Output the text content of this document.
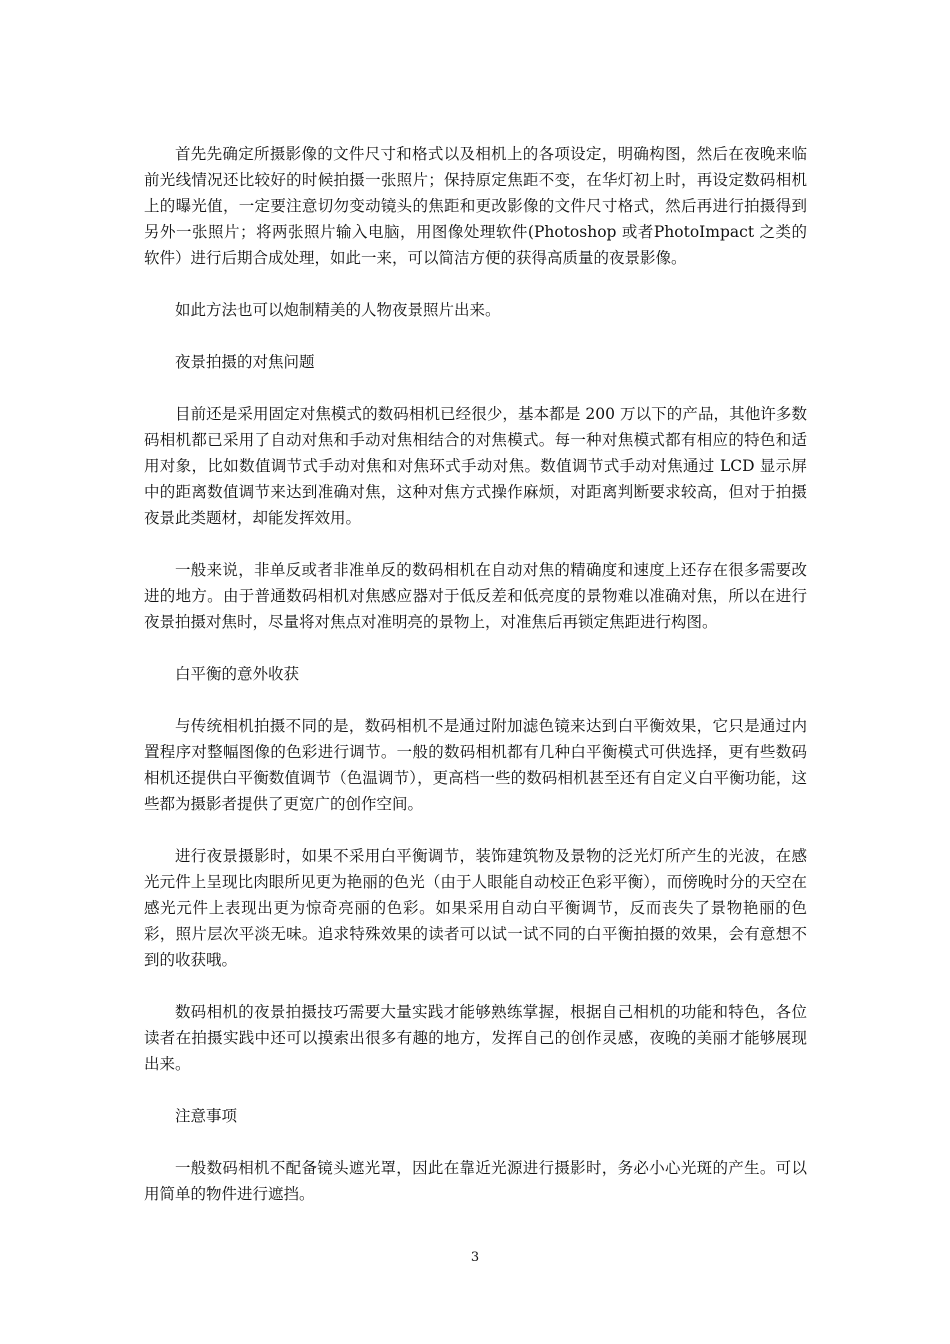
首先先确定所摄影像的文件尺寸和格式以及相机上的各项设定，明确构图，然后在夜晚来临前光线情况还比较好的时候拍摄一张照片；保持原定焦距不变，在华灯初上时，再设定数码相机上的曝光值，一定要注意切勿变动镜头的焦距和更改影像的文件尺寸格式，然后再进行拍摄得到另外一张照片；将两张照片输入电脑，用图像处理软件(Photoshop 或者PhotoImpact 之类的软件）进行后期合成处理，如此一来，可以简洁方便的获得高质量的夜景影像。

如此方法也可以炮制精美的人物夜景照片出来。

夜景拍摄的对焦问题

目前还是采用固定对焦模式的数码相机已经很少，基本都是 200 万以下的产品，其他许多数码相机都已采用了自动对焦和手动对焦相结合的对焦模式。每一种对焦模式都有相应的特色和适用对象，比如数值调节式手动对焦和对焦环式手动对焦。数值调节式手动对焦通过 LCD 显示屏中的距离数值调节来达到准确对焦，这种对焦方式操作麻烦，对距离判断要求较高，但对于拍摄夜景此类题材，却能发挥效用。

一般来说，非单反或者非准单反的数码相机在自动对焦的精确度和速度上还存在很多需要改进的地方。由于普通数码相机对焦感应器对于低反差和低亮度的景物难以准确对焦，所以在进行夜景拍摄对焦时，尽量将对焦点对准明亮的景物上，对准焦后再锁定焦距进行构图。

白平衡的意外收获

与传统相机拍摄不同的是，数码相机不是通过附加滤色镜来达到白平衡效果，它只是通过内置程序对整幅图像的色彩进行调节。一般的数码相机都有几种白平衡模式可供选择，更有些数码相机还提供白平衡数值调节（色温调节），更高档一些的数码相机甚至还有自定义白平衡功能，这些都为摄影者提供了更宽广的创作空间。

进行夜景摄影时，如果不采用白平衡调节，装饰建筑物及景物的泛光灯所产生的光波，在感光元件上呈现比肉眼所见更为艳丽的色光（由于人眼能自动校正色彩平衡），而傍晚时分的天空在感光元件上表现出更为惊奇亮丽的色彩。如果采用自动白平衡调节，反而丧失了景物艳丽的色彩，照片层次平淡无味。追求特殊效果的读者可以试一试不同的白平衡拍摄的效果，会有意想不到的收获哦。

数码相机的夜景拍摄技巧需要大量实践才能够熟练掌握，根据自己相机的功能和特色，各位读者在拍摄实践中还可以摸索出很多有趣的地方，发挥自己的创作灵感，夜晚的美丽才能够展现出来。

注意事项

一般数码相机不配备镜头遮光罩，因此在靠近光源进行摄影时，务必小心光斑的产生。可以用简单的物件进行遮挡。

3
